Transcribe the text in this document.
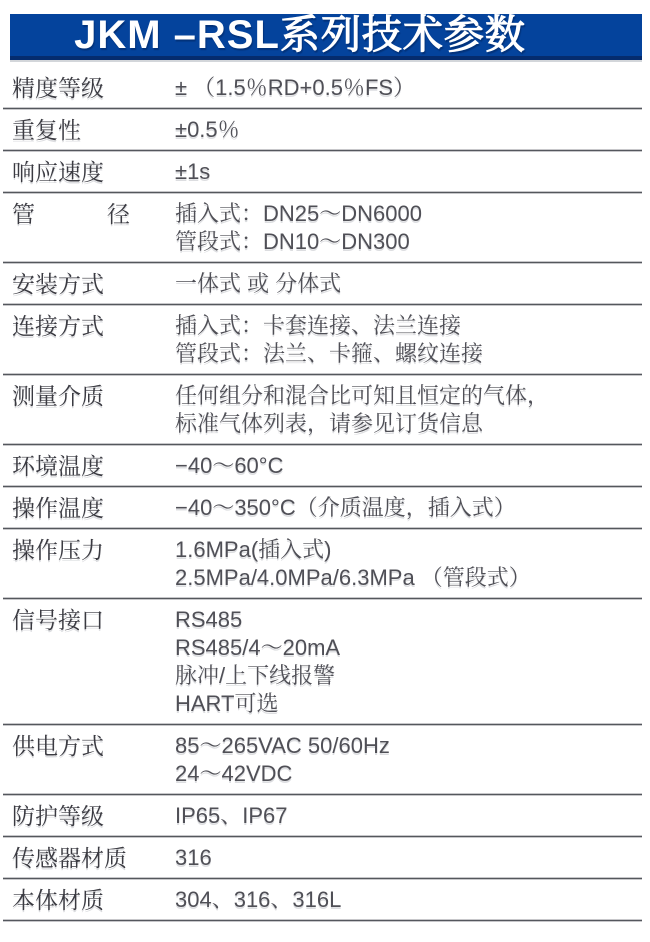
JKM –RSL系列技术参数
精度等级	± （1.5％RD+0.5％FS）
重复性	±0.5％
响应速度	±1s
管径	插入式：DN25～DN6000
管段式：DN10～DN300
安装方式	一体式 或 分体式
连接方式	插入式：卡套连接、法兰连接
管段式：法兰、卡箍、螺纹连接
测量介质	任何组分和混合比可知且恒定的气体，
标准气体列表，请参见订货信息
环境温度	−40～60°C
操作温度	−40～350°C（介质温度，插入式）
操作压力	1.6MPa(插入式)
2.5MPa/4.0MPa/6.3MPa （管段式）
信号接口	RS485
RS485/4～20mA
脉冲/上下线报警
HART可选
供电方式	85～265VAC 50/60Hz
24～42VDC
防护等级	IP65、IP67
传感器材质	316
本体材质	304、316、316L
